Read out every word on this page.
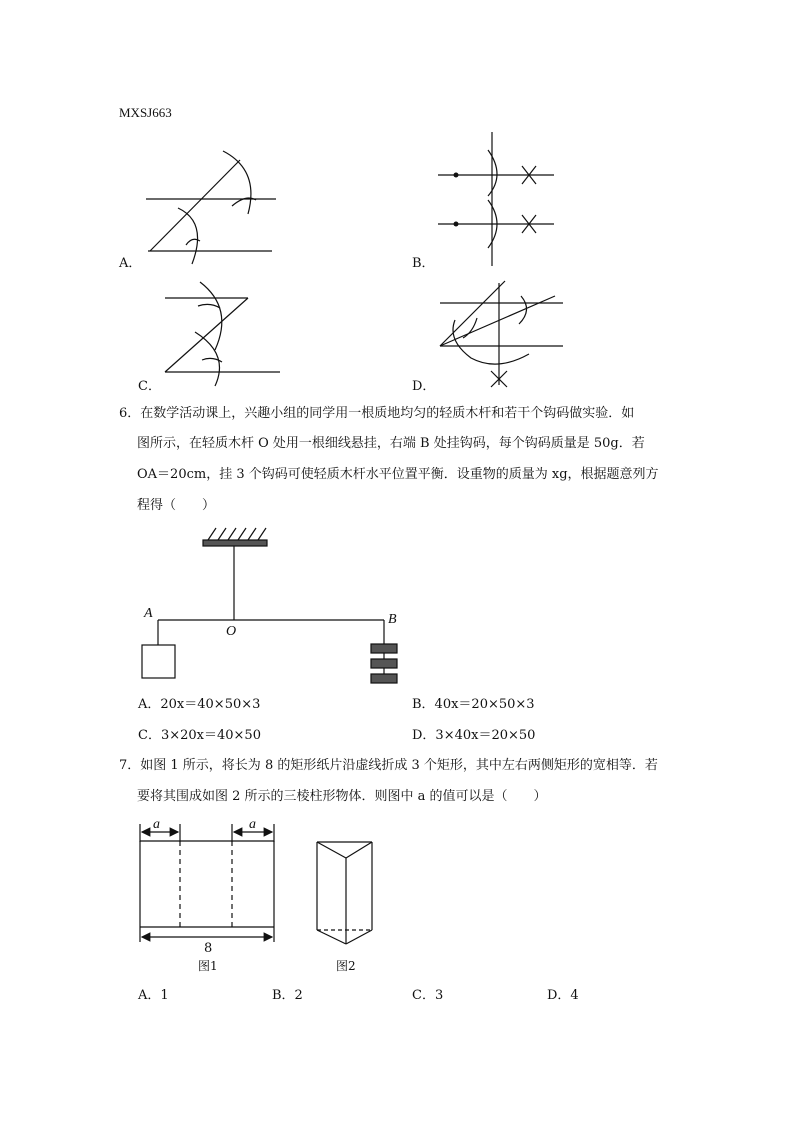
MXSJ663
A．	B．
C．	D．
6．在数学活动课上，兴趣小组的同学用一根质地均匀的轻质木杆和若干个钩码做实验．如
图所示，在轻质木杆 O 处用一根细线悬挂，右端 B 处挂钩码，每个钩码质量是 50g．若
OA＝20cm，挂 3 个钩码可使轻质木杆水平位置平衡．设重物的质量为 xg，根据题意列方
程得（　　）
A
O
B
A．20x＝40×50×3	B．40x＝20×50×3
C．3×20x＝40×50	D．3×40x＝20×50
7．如图 1 所示，将长为 8 的矩形纸片沿虚线折成 3 个矩形，其中左右两侧矩形的宽相等．若
要将其围成如图 2 所示的三棱柱形物体．则图中 a 的值可以是（　　）
a	a
8
图1	图2
A．1	B．2	C．3	D．4
